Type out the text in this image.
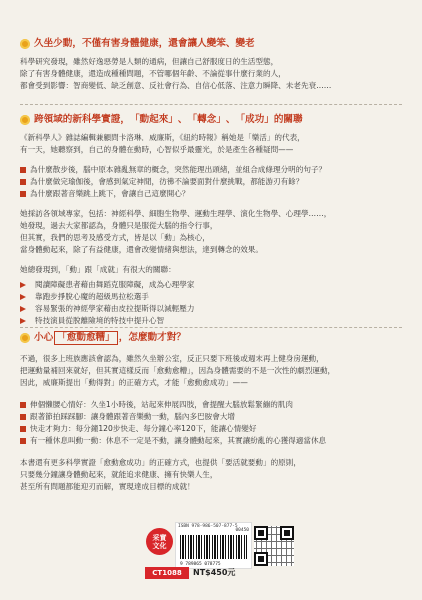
久坐少動，不僅有害身體健康，還會讓人變笨、變老

科學研究發現，雖然好逸惡勞是人類的通病，但讓自己舒服度日的生活型態，

除了有害身體健康，還造成種種問題，不管哪個年齡、不論從事什麼行業的人，

都會受到影響：智商變低、缺乏創意、反社會行為、自信心低落、注意力瞬降、未老先衰……

跨領域的新科學實證， 「動起來」 、 「轉念」 、 「成功」 的關聯

《新科學人》雜誌編輯兼顧問卡洛琳．威廉斯，《紐約時報》稱她是「樂活」的代表，

有一天，她聽察到，自己的身體在動時，心智似乎最靈光，於是產生各種疑問——

為什麼散步後，腦中原本雜亂無章的概念，突然能理出頭緒，並組合成條理分明的句子？
為什麼做完瑜伽後，會感到氣定神閒，彷彿不論要面對什麼挑戰，都能游刃有餘？
為什麼跟著音樂跳上跳下，會讓自己這麼開心？

她採訪各領域專家，包括：神經科學、細胞生物學、運動生理學、演化生物學、心理學……，

她發現，過去大家都認為，身體只是服從大腦的指令行事，

但其實，我們的思考及感受方式，皆是以「動」為核心，

當身體動起來，除了有益健康，還會改變情緒與想法，達到轉念的效果。

她總發現到，「動」跟「成就」有很大的關聯：

閱讀障礙患者藉由舞蹈克服障礙，成為心理學家
靠跑步掙脫心魔的超級馬拉松選手
容易緊張的神經學家藉由皮拉提斯得以減輕壓力
特技演員從脫離險境的特技中提升心智
小心 「愈動愈糟」 ，怎麼動才對？

不過，很多上班族應該會認為，雖然久坐辦公室，反正只要下班後或週末再上健身房運動，

把運動量補回來就好，但其實這樣反而「愈動愈糟」，因為身體需要的不是一次性的劇烈運動，

因此，威廉斯提出「動得對」的正確方式，才能「愈動愈成功」——

伸個懶腰心情好：久坐1小時後，站起來伸展四肢，會提醒大腦放鬆緊繃的肌肉
跟著節拍踩踩腳：讓身體跟著音樂動一動，腦內多巴胺會大增
快走才夠力：每分鐘120步快走、每分鐘心率120下，能讓心情變好
有一種休息叫動一動：休息不一定是不動，讓身體動起來，其實讓紛亂的心獲得適當休息

本書還有更多科學實證「愈動愈成功」的正確方式，也提供「要活就要動」的原則，

只要幾分鐘讓身體動起來，就能追求健康、擁有快樂人生，

甚至所有問題都能迎刃而解，實現達成目標的成就！

采實
文化
ISBN 978-986-507-877-5
00450
9 789865 078775
CT1088	NT$450元
